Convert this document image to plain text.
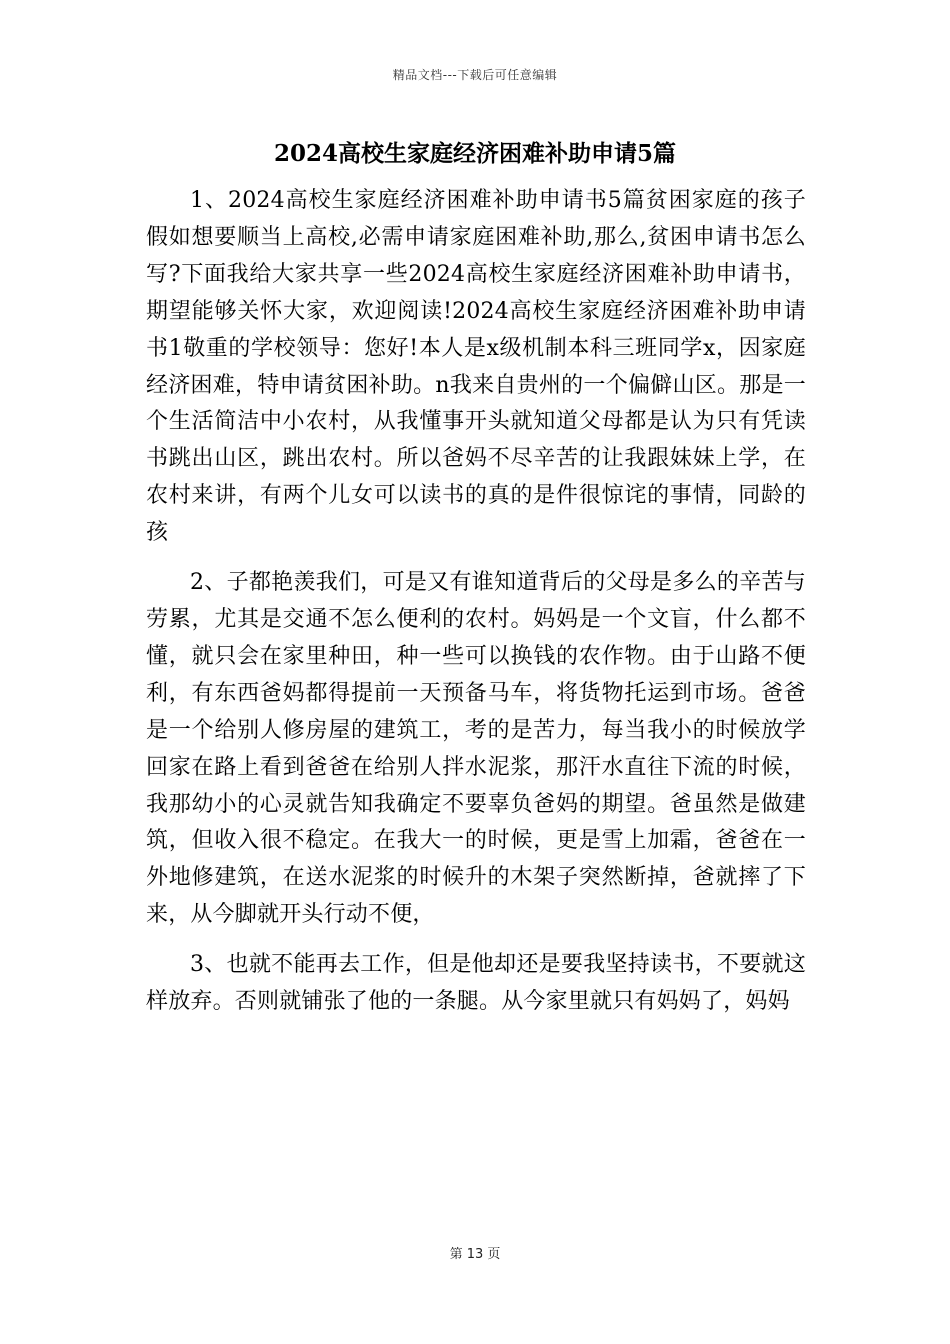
精品文档---下载后可任意编辑
2024高校生家庭经济困难补助申请5篇

1、2024高校生家庭经济困难补助申请书5篇贫困家庭的孩子假如想要顺当上高校,必需申请家庭困难补助,那么,贫困申请书怎么写?下面我给大家共享一些2024高校生家庭经济困难补助申请书，期望能够关怀大家，欢迎阅读!2024高校生家庭经济困难补助申请书1敬重的学校领导：您好!本人是x级机制本科三班同学x，因家庭经济困难，特申请贫困补助。n我来自贵州的一个偏僻山区。那是一个生活简洁中小农村，从我懂事开头就知道父母都是认为只有凭读书跳出山区，跳出农村。所以爸妈不尽辛苦的让我跟妹妹上学，在农村来讲，有两个儿女可以读书的真的是件很惊诧的事情，同龄的孩

2、子都艳羡我们，可是又有谁知道背后的父母是多么的辛苦与劳累，尤其是交通不怎么便利的农村。妈妈是一个文盲，什么都不懂，就只会在家里种田，种一些可以换钱的农作物。由于山路不便利，有东西爸妈都得提前一天预备马车，将货物托运到市场。爸爸是一个给别人修房屋的建筑工，考的是苦力，每当我小的时候放学回家在路上看到爸爸在给别人拌水泥浆，那汗水直往下流的时候，我那幼小的心灵就告知我确定不要辜负爸妈的期望。爸虽然是做建筑，但收入很不稳定。在我大一的时候，更是雪上加霜，爸爸在一外地修建筑，在送水泥浆的时候升的木架子突然断掉，爸就摔了下来，从今脚就开头行动不便，

3、也就不能再去工作，但是他却还是要我坚持读书，不要就这样放弃。否则就铺张了他的一条腿。从今家里就只有妈妈了，妈妈

第 13 页
